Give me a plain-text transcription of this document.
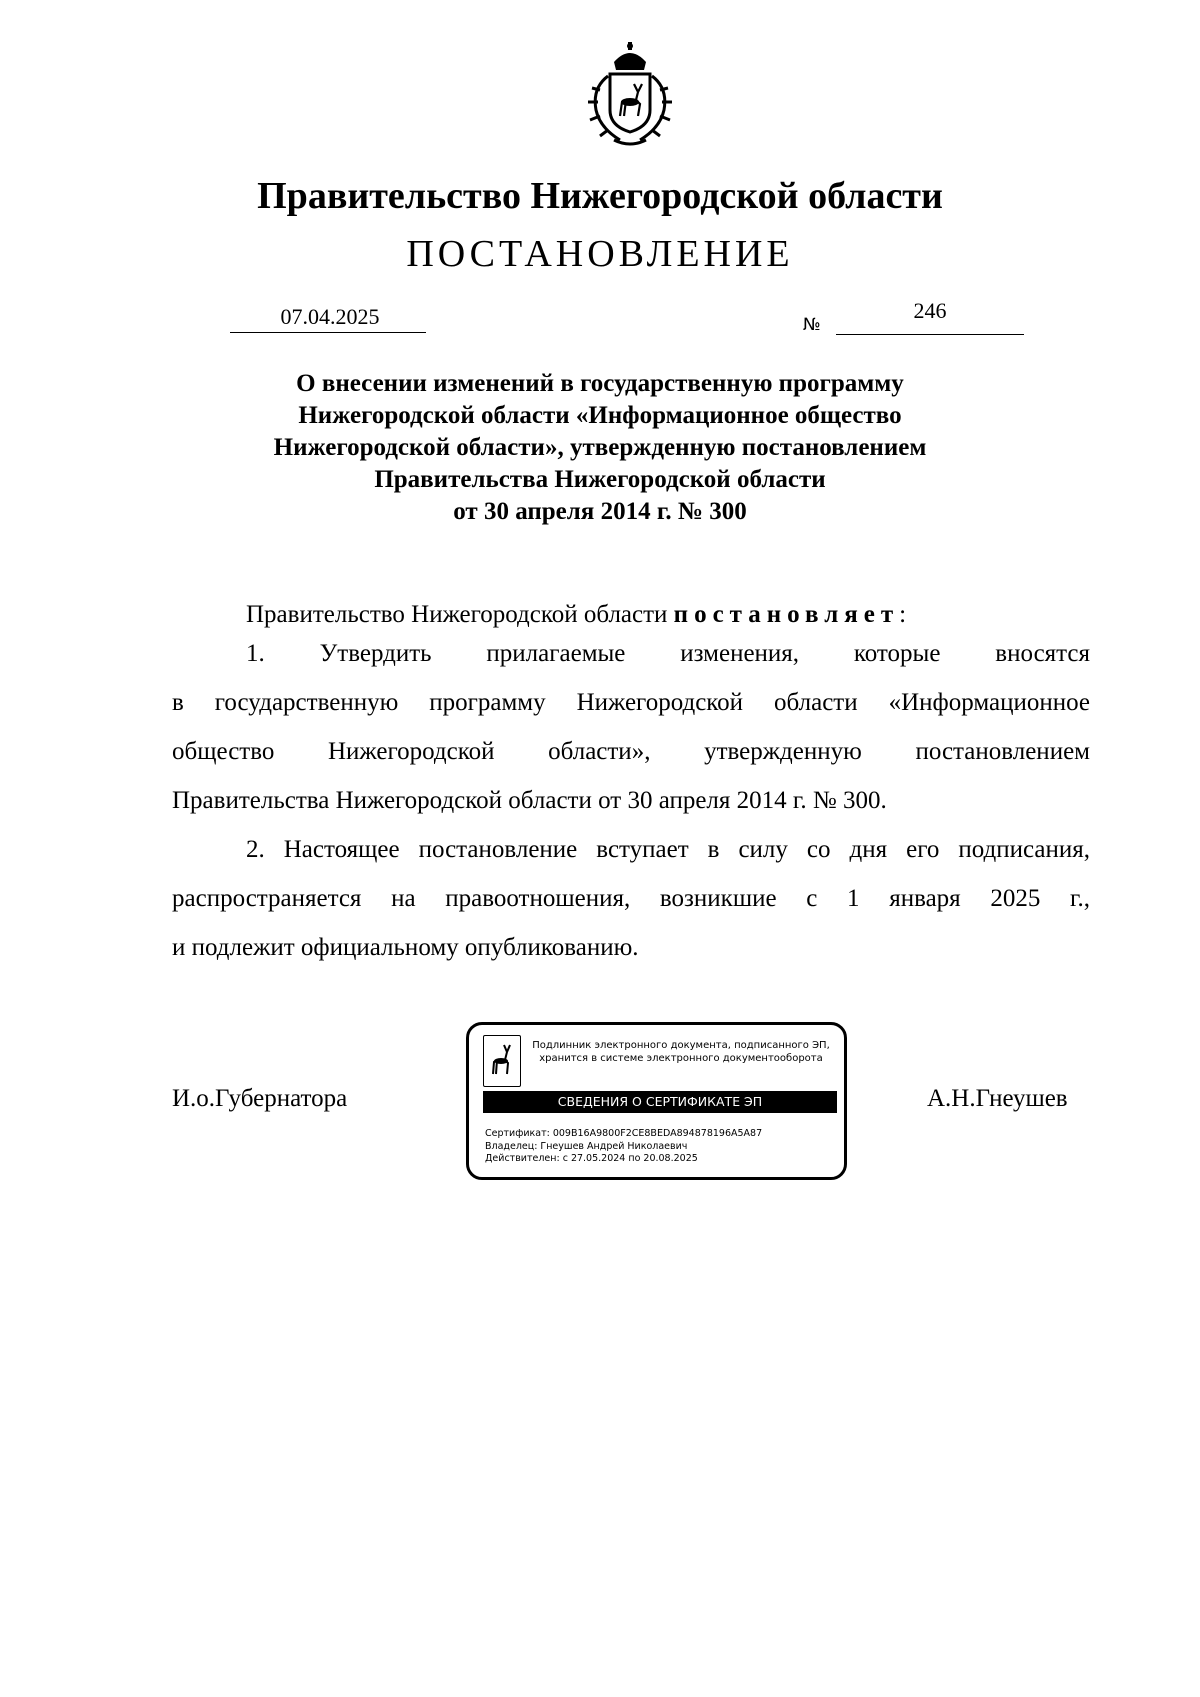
Правительство Нижегородской области
ПОСТАНОВЛЕНИЕ
07.04.2025	№
246
О внесении изменений в государственную программу
Нижегородской области «Информационное общество
Нижегородской области», утвержденную постановлением
Правительства Нижегородской области
от 30 апреля 2014 г. № 300
Правительство Нижегородской области постановляет:
1. Утвердить прилагаемые изменения, которые вносятся
в государственную программу Нижегородской области «Информационное
общество Нижегородской области», утвержденную постановлением
Правительства Нижегородской области от 30 апреля 2014 г. № 300.
2. Настоящее постановление вступает в силу со дня его подписания,
распространяется на правоотношения, возникшие с 1 января 2025 г.,
и подлежит официальному опубликованию.
И.о.Губернатора	А.Н.Гнеушев
Подлинник электронного документа, подписанного ЭП,
хранится в системе электронного документооборота
СВЕДЕНИЯ О СЕРТИФИКАТЕ ЭП
Сертификат: 009B16A9800F2CE8BEDA894878196A5A87
Владелец: Гнеушев Андрей Николаевич
Действителен: с 27.05.2024 по 20.08.2025
